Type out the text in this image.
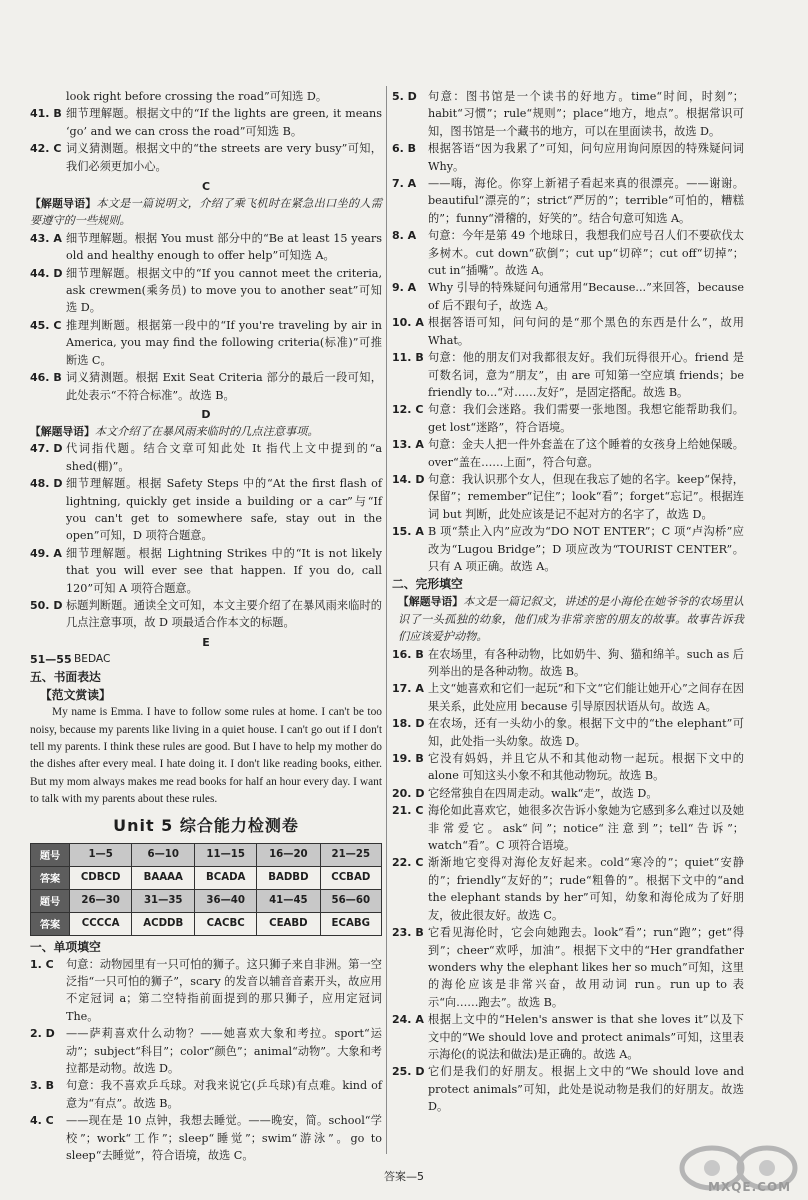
look right before crossing the road”可知选 D。
41. B 细节理解题。根据文中的“If the lights are green, it means ‘go’ and we can cross the road”可知选 B。
42. C 词义猜测题。根据文中的“the streets are very busy”可知，我们必须更加小心。
C
【解题导语】本文是一篇说明文，介绍了乘飞机时在紧急出口坐的人需要遵守的一些规则。
43. A 细节理解题。根据 You must 部分中的“Be at least 15 years old and healthy enough to offer help”可知选 A。
44. D 细节理解题。根据文中的“If you cannot meet the criteria, ask crewmen(乘务员) to move you to another seat”可知选 D。
45. C 推理判断题。根据第一段中的“If you're traveling by air in America, you may find the following criteria(标准)”可推断选 C。
46. B 词义猜测题。根据 Exit Seat Criteria 部分的最后一段可知，此处表示“不符合标准”。故选 B。
D
【解题导语】本文介绍了在暴风雨来临时的几点注意事项。
47. D 代词指代题。结合文章可知此处 It 指代上文中提到的“a shed(棚)”。
48. D 细节理解题。根据 Safety Steps 中的“At the first flash of lightning, quickly get inside a building or a car”与“If you can't get to somewhere safe, stay out in the open”可知，D 项符合题意。
49. A 细节理解题。根据 Lightning Strikes 中的“It is not likely that you will ever see that happen. If you do, call 120”可知 A 项符合题意。
50. D 标题判断题。通读全文可知，本文主要介绍了在暴风雨来临时的几点注意事项，故 D 项最适合作本文的标题。
E
51—55 BEDAC
五、书面表达
【范文赏读】
My name is Emma. I have to follow some rules at home. I can't be too noisy, because my parents like living in a quiet house. I can't go out if I don't tell my parents. I think these rules are good. But I have to help my mother do the dishes after every meal. I hate doing it. I don't like reading books, either. But my mom always makes me read books for half an hour every day. I want to talk with my parents about these rules.
Unit 5 综合能力检测卷
题号	1—5	6—10	11—15	16—20	21—25
答案	CDBCD	BAAAA	BCADA	BADBD	CCBAD
题号	26—30	31—35	36—40	41—45	56—60
答案	CCCCA	ACDDB	CACBC	CEABD	ECABG
一、单项填空
1. C	句意：动物园里有一只可怕的狮子。这只狮子来自非洲。第一空泛指“一只可怕的狮子”，scary 的发音以辅音音素开头，故应用不定冠词 a；第二空特指前面提到的那只狮子，应用定冠词 The。
2. D	——萨莉喜欢什么动物？——她喜欢大象和考拉。sport“运动”；subject“科目”；color“颜色”；animal“动物”。大象和考拉都是动物。故选 D。
3. B	句意：我不喜欢乒乓球。对我来说它(乒乓球)有点难。kind of 意为“有点”。故选 B。
4. C	——现在是 10 点钟，我想去睡觉。——晚安，简。school“学校”；work“工作”；sleep“睡觉”；swim“游泳”。go to sleep“去睡觉”，符合语境，故选 C。
5. D	句意：图书馆是一个读书的好地方。time“时间，时刻”；habit“习惯”；rule“规则”；place“地方，地点”。根据常识可知，图书馆是一个藏书的地方，可以在里面读书，故选 D。
6. B	根据答语“因为我累了”可知，问句应用询问原因的特殊疑问词 Why。
7. A	——嗨，海伦。你穿上新裙子看起来真的很漂亮。——谢谢。beautiful“漂亮的”；strict“严厉的”；terrible“可怕的，糟糕的”；funny“滑稽的，好笑的”。结合句意可知选 A。
8. A	句意：今年是第 49 个地球日，我想我们应号召人们不要砍伐太多树木。cut down“砍倒”；cut up“切碎”；cut off“切掉”；cut in“插嘴”。故选 A。
9. A	Why 引导的特殊疑问句通常用“Because...”来回答，because of 后不跟句子，故选 A。
10. A 根据答语可知，问句问的是“那个黑色的东西是什么”，故用 What。
11. B 句意：他的朋友们对我都很友好。我们玩得很开心。friend 是可数名词，意为“朋友”，由 are 可知第一空应填 friends；be friendly to...“对……友好”，是固定搭配。故选 B。
12. C 句意：我们会迷路。我们需要一张地图。我想它能帮助我们。get lost“迷路”，符合语境。
13. A 句意：金夫人把一件外套盖在了这个睡着的女孩身上给她保暖。over“盖在……上面”，符合句意。
14. D 句意：我认识那个女人，但现在我忘了她的名字。keep“保持，保留”；remember“记住”；look“看”；forget“忘记”。根据连词 but 判断，此处应该是记不起对方的名字了，故选 D。
15. A B 项“禁止入内”应改为“DO NOT ENTER”；C 项“卢沟桥”应改为“Lugou Bridge”；D 项应改为“TOURIST CENTER”。只有 A 项正确。故选 A。
二、完形填空
【解题导语】本文是一篇记叙文，讲述的是小海伦在她爷爷的农场里认识了一头孤独的幼象，他们成为非常亲密的朋友的故事。故事告诉我们应该爱护动物。
16. B 在农场里，有各种动物，比如奶牛、狗、猫和绵羊。such as 后列举出的是各种动物。故选 B。
17. A 上文“她喜欢和它们一起玩”和下文“它们能让她开心”之间存在因果关系，此处应用 because 引导原因状语从句。故选 A。
18. D 在农场，还有一头幼小的象。根据下文中的“the elephant”可知，此处指一头幼象。故选 D。
19. B 它没有妈妈，并且它从不和其他动物一起玩。根据下文中的 alone 可知这头小象不和其他动物玩。故选 B。
20. D 它经常独自在四周走动。walk“走”，故选 D。
21. C 海伦如此喜欢它，她很多次告诉小象她为它感到多么难过以及她非常爱它。ask“问”；notice“注意到”；tell“告诉”；watch“看”。C 项符合语境。
22. C 渐渐地它变得对海伦友好起来。cold“寒冷的”；quiet“安静的”；friendly“友好的”；rude“粗鲁的”。根据下文中的“and the elephant stands by her”可知，幼象和海伦成为了好朋友，彼此很友好。故选 C。
23. B 它看见海伦时，它会向她跑去。look“看”；run“跑”；get“得到”；cheer“欢呼，加油”。根据下文中的“Her grandfather wonders why the elephant likes her so much”可知，这里的海伦应该是非常兴奋，故用动词 run。run up to 表示“向……跑去”。故选 B。
24. A 根据上文中的“Helen's answer is that she loves it”以及下文中的“We should love and protect animals”可知，这里表示海伦(的说法和做法)是正确的。故选 A。
25. D 它们是我们的好朋友。根据上文中的“We should love and protect animals”可知，此处是说动物是我们的好朋友。故选 D。
答案—5
MXQE.COM
